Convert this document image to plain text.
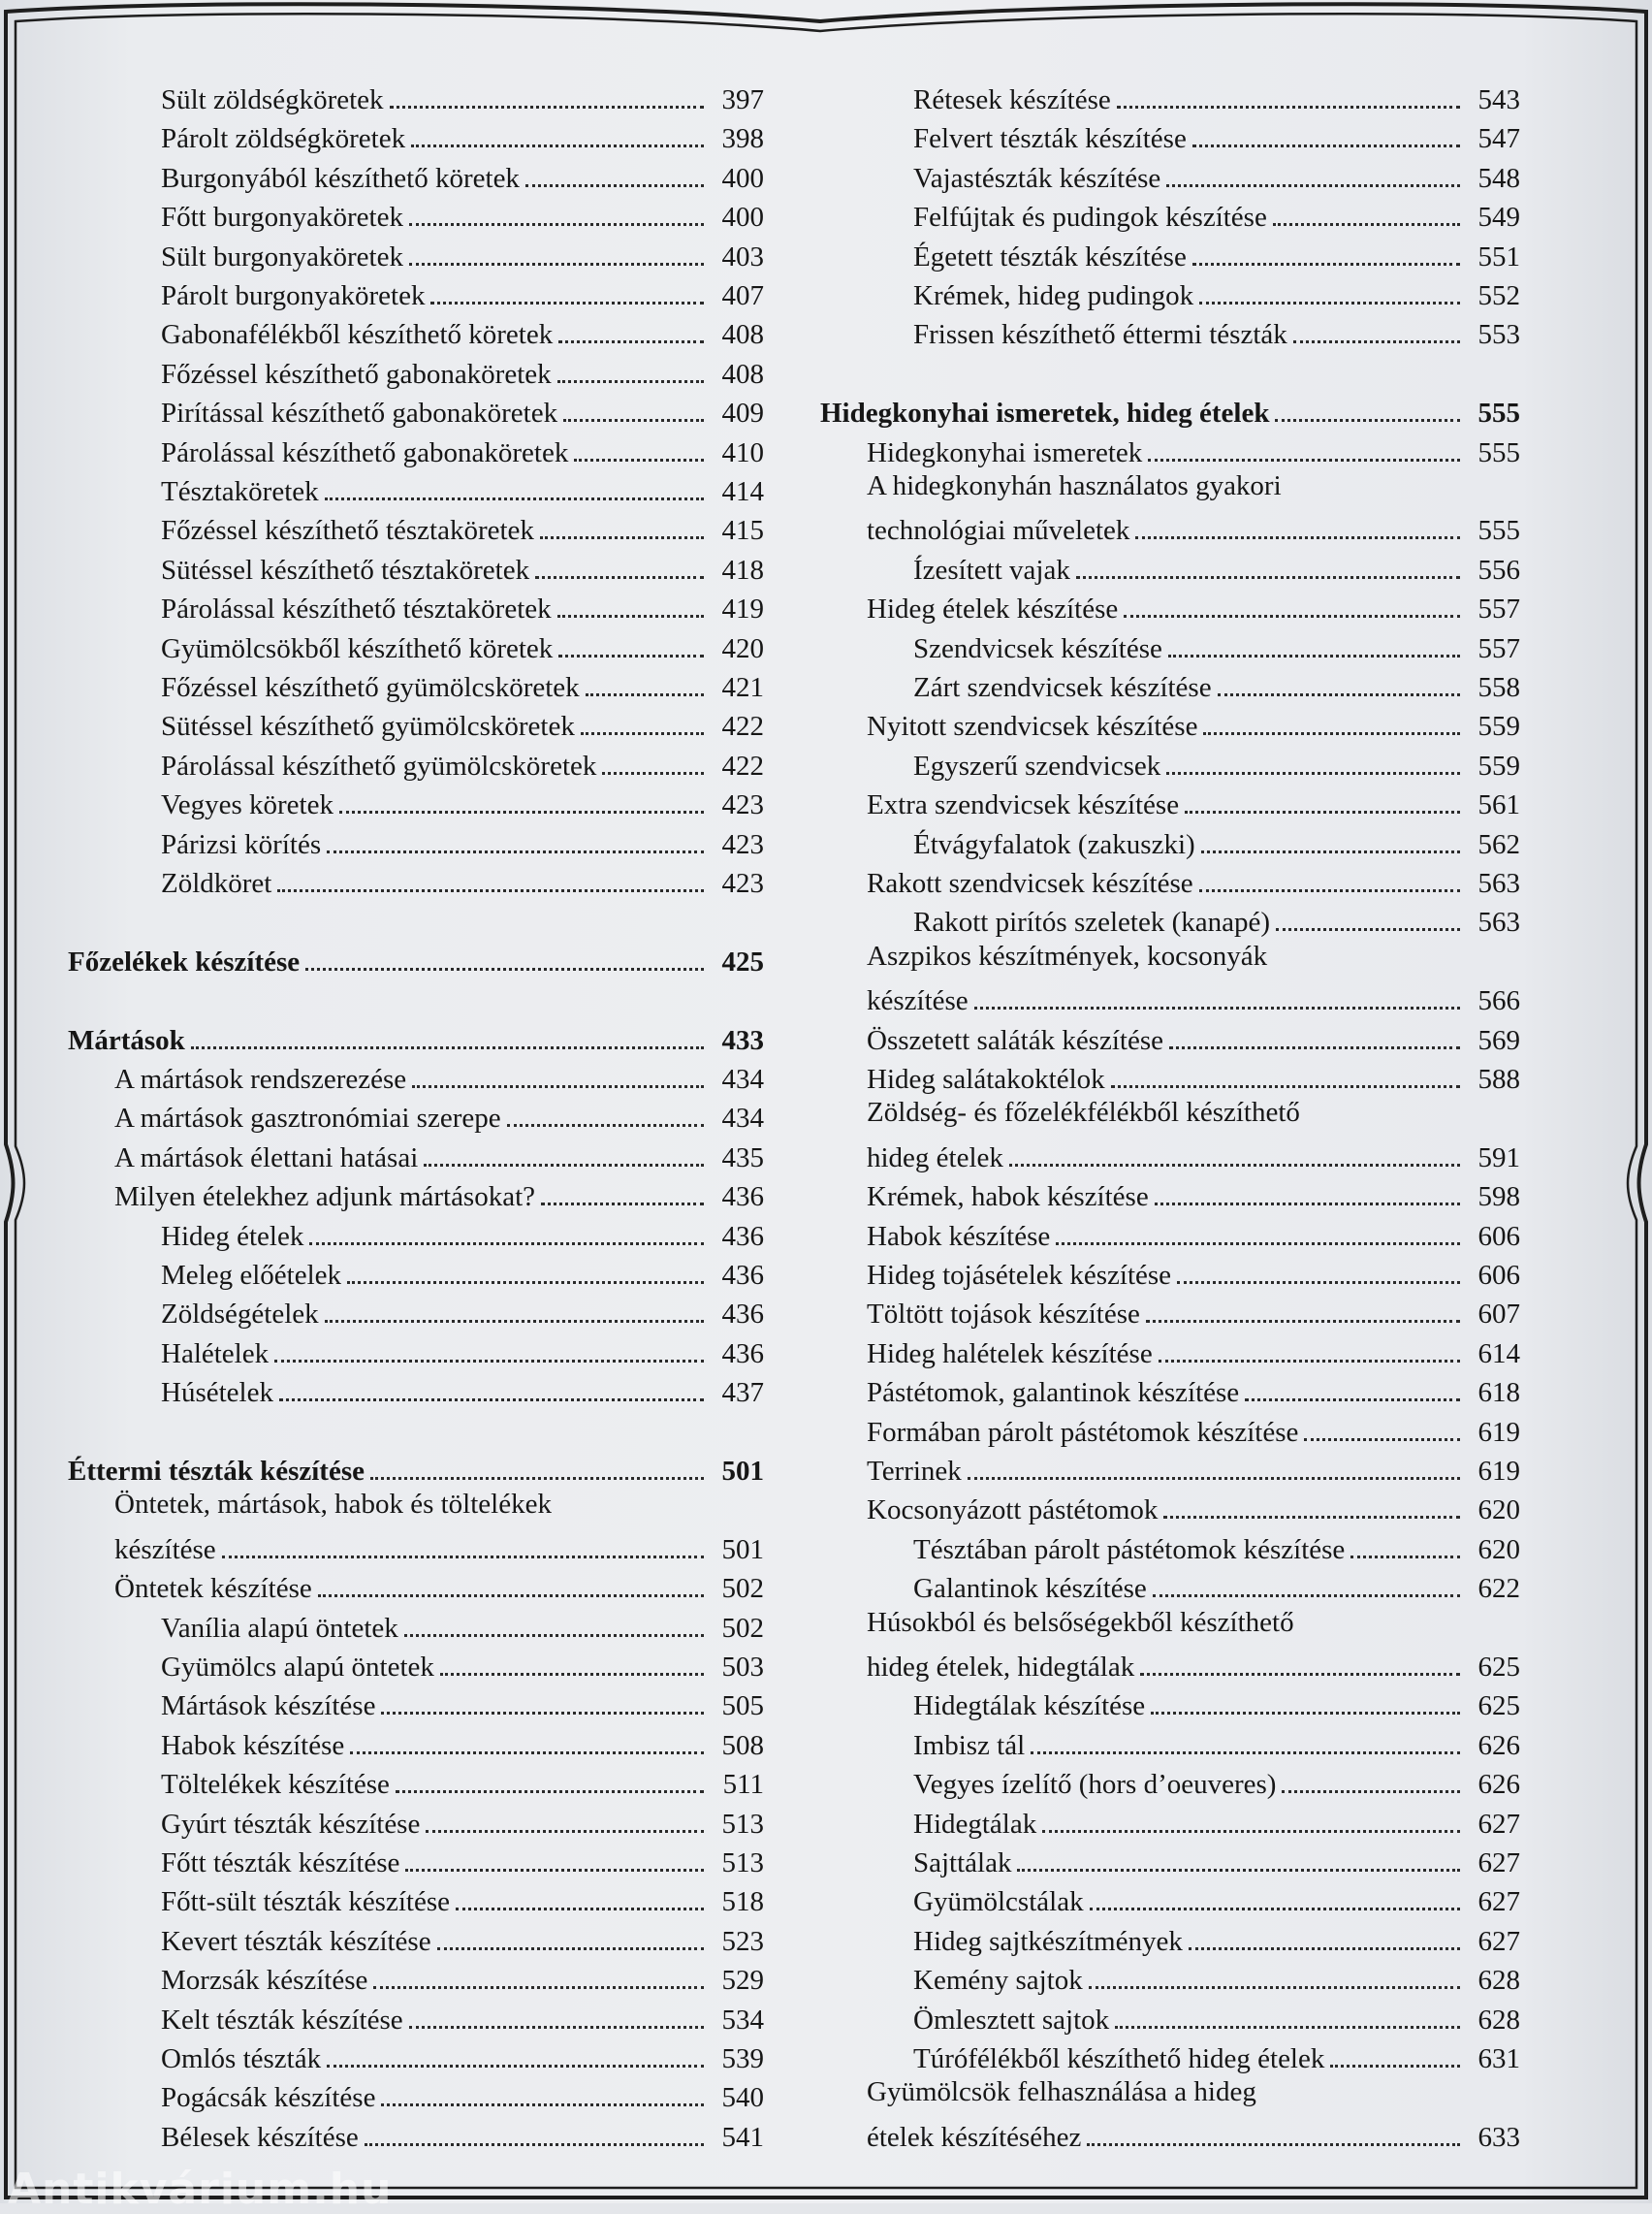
Sült zöldségköretek	397
Párolt zöldségköretek	398
Burgonyából készíthető köretek	400
Főtt burgonyaköretek	400
Sült burgonyaköretek	403
Párolt burgonyaköretek	407
Gabonafélékből készíthető köretek	408
Főzéssel készíthető gabonaköretek	408
Pirítással készíthető gabonaköretek	409
Párolással készíthető gabonaköretek	410
Tésztaköretek	414
Főzéssel készíthető tésztaköretek	415
Sütéssel készíthető tésztaköretek	418
Párolással készíthető tésztaköretek	419
Gyümölcsökből készíthető köretek	420
Főzéssel készíthető gyümölcsköretek	421
Sütéssel készíthető gyümölcsköretek	422
Párolással készíthető gyümölcsköretek	422
Vegyes köretek	423
Párizsi körítés	423
Zöldköret	423
Főzelékek készítése	425
Mártások	433
A mártások rendszerezése	434
A mártások gasztronómiai szerepe	434
A mártások élettani hatásai	435
Milyen ételekhez adjunk mártásokat?	436
Hideg ételek	436
Meleg előételek	436
Zöldségételek	436
Halételek	436
Húsételek	437
Éttermi tészták készítése	501
Öntetek, mártások, habok és töltelékek
készítése	501
Öntetek készítése	502
Vanília alapú öntetek	502
Gyümölcs alapú öntetek	503
Mártások készítése	505
Habok készítése	508
Töltelékek készítése	511
Gyúrt tészták készítése	513
Főtt tészták készítése	513
Főtt-sült tészták készítése	518
Kevert tészták készítése	523
Morzsák készítése	529
Kelt tészták készítése	534
Omlós tészták	539
Pogácsák készítése	540
Bélesek készítése	541
Rétesek készítése	543
Felvert tészták készítése	547
Vajastészták készítése	548
Felfújtak és pudingok készítése	549
Égetett tészták készítése	551
Krémek, hideg pudingok	552
Frissen készíthető éttermi tészták	553
Hidegkonyhai ismeretek, hideg ételek	555
Hidegkonyhai ismeretek	555
A hidegkonyhán használatos gyakori
technológiai műveletek	555
Ízesített vajak	556
Hideg ételek készítése	557
Szendvicsek készítése	557
Zárt szendvicsek készítése	558
Nyitott szendvicsek készítése	559
Egyszerű szendvicsek	559
Extra szendvicsek készítése	561
Étvágyfalatok (zakuszki)	562
Rakott szendvicsek készítése	563
Rakott pirítós szeletek (kanapé)	563
Aszpikos készítmények, kocsonyák
készítése	566
Összetett saláták készítése	569
Hideg salátakoktélok	588
Zöldség- és főzelékfélékből készíthető
hideg ételek	591
Krémek, habok készítése	598
Habok készítése	606
Hideg tojásételek készítése	606
Töltött tojások készítése	607
Hideg halételek készítése	614
Pástétomok, galantinok készítése	618
Formában párolt pástétomok készítése	619
Terrinek	619
Kocsonyázott pástétomok	620
Tésztában párolt pástétomok készítése	620
Galantinok készítése	622
Húsokból és belsőségekből készíthető
hideg ételek, hidegtálak	625
Hidegtálak készítése	625
Imbisz tál	626
Vegyes ízelítő (hors d’oeuveres)	626
Hidegtálak	627
Sajttálak	627
Gyümölcstálak	627
Hideg sajtkészítmények	627
Kemény sajtok	628
Ömlesztett sajtok	628
Túrófélékből készíthető hideg ételek	631
Gyümölcsök felhasználása a hideg
ételek készítéséhez	633
Antikvárium.hu
